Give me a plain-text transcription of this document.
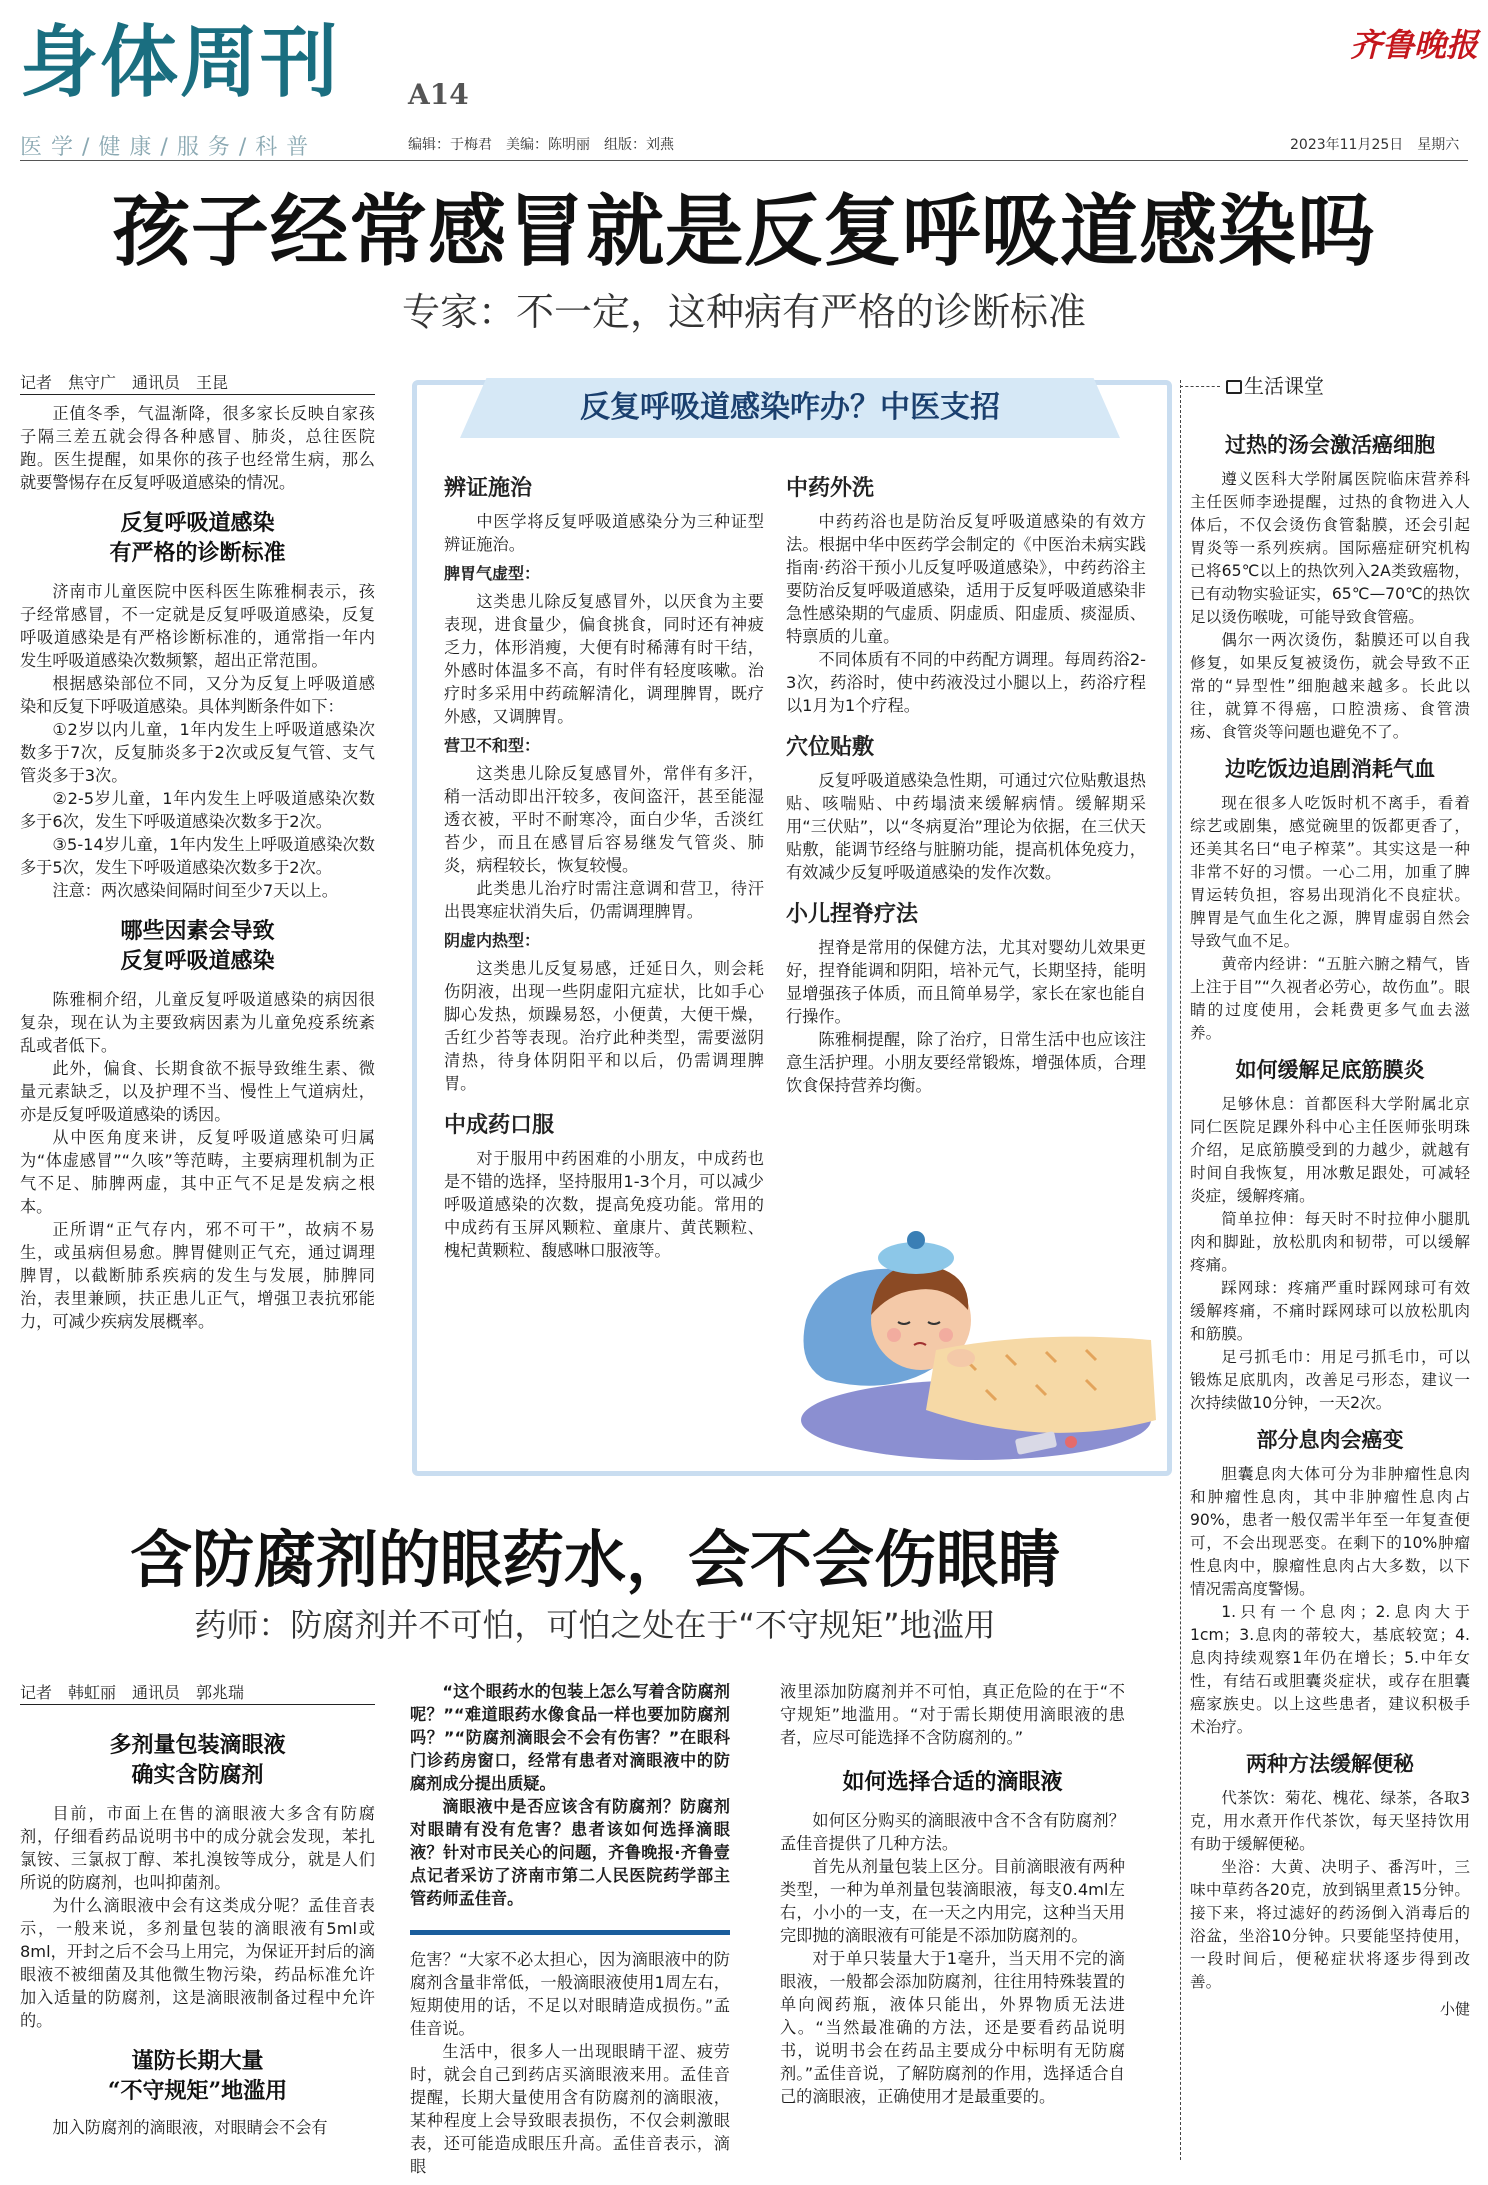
身体周刊 A14
医学/健康/服务/科普	编辑：于梅君　美编：陈明丽　组版：刘燕	2023年11月25日　星期六
齐鲁晚报
孩子经常感冒就是反复呼吸道感染吗
专家：不一定，这种病有严格的诊断标准
记者　焦守广　通讯员　王昆

正值冬季，气温渐降，很多家长反映自家孩子隔三差五就会得各种感冒、肺炎，总往医院跑。医生提醒，如果你的孩子也经常生病，那么就要警惕存在反复呼吸道感染的情况。

反复呼吸道感染
有严格的诊断标准

济南市儿童医院中医科医生陈雅桐表示，孩子经常感冒，不一定就是反复呼吸道感染，反复呼吸道感染是有严格诊断标准的，通常指一年内发生呼吸道感染次数频繁，超出正常范围。

根据感染部位不同，又分为反复上呼吸道感染和反复下呼吸道感染。具体判断条件如下：

①2岁以内儿童，1年内发生上呼吸道感染次数多于7次，反复肺炎多于2次或反复气管、支气管炎多于3次。

②2-5岁儿童，1年内发生上呼吸道感染次数多于6次，发生下呼吸道感染次数多于2次。

③5-14岁儿童，1年内发生上呼吸道感染次数多于5次，发生下呼吸道感染次数多于2次。

注意：两次感染间隔时间至少7天以上。

哪些因素会导致
反复呼吸道感染

陈雅桐介绍，儿童反复呼吸道感染的病因很复杂，现在认为主要致病因素为儿童免疫系统紊乱或者低下。

此外，偏食、长期食欲不振导致维生素、微量元素缺乏，以及护理不当、慢性上气道病灶，亦是反复呼吸道感染的诱因。

从中医角度来讲，反复呼吸道感染可归属为“体虚感冒”“久咳”等范畴，主要病理机制为正气不足、肺脾两虚，其中正气不足是发病之根本。

正所谓“正气存内，邪不可干”，故病不易生，或虽病但易愈。脾胃健则正气充，通过调理脾胃，以截断肺系疾病的发生与发展，肺脾同治，表里兼顾，扶正患儿正气，增强卫表抗邪能力，可减少疾病发展概率。

反复呼吸道感染咋办？中医支招
辨证施治

中医学将反复呼吸道感染分为三种证型辨证施治。

脾胃气虚型：

这类患儿除反复感冒外，以厌食为主要表现，进食量少，偏食挑食，同时还有神疲乏力，体形消瘦，大便有时稀薄有时干结，外感时体温多不高，有时伴有轻度咳嗽。治疗时多采用中药疏解清化，调理脾胃，既疗外感，又调脾胃。

营卫不和型：

这类患儿除反复感冒外，常伴有多汗，稍一活动即出汗较多，夜间盗汗，甚至能湿透衣被，平时不耐寒冷，面白少华，舌淡红苔少，而且在感冒后容易继发气管炎、肺炎，病程较长，恢复较慢。

此类患儿治疗时需注意调和营卫，待汗出畏寒症状消失后，仍需调理脾胃。

阴虚内热型：

这类患儿反复易感，迁延日久，则会耗伤阴液，出现一些阴虚阳亢症状，比如手心脚心发热，烦躁易怒，小便黄，大便干燥，舌红少苔等表现。治疗此种类型，需要滋阴清热，待身体阴阳平和以后，仍需调理脾胃。

中成药口服

对于服用中药困难的小朋友，中成药也是不错的选择，坚持服用1-3个月，可以减少呼吸道感染的次数，提高免疫功能。常用的中成药有玉屏风颗粒、童康片、黄芪颗粒、槐杞黄颗粒、馥感啉口服液等。

中药外洗

中药药浴也是防治反复呼吸道感染的有效方法。根据中华中医药学会制定的《中医治未病实践指南·药浴干预小儿反复呼吸道感染》，中药药浴主要防治反复呼吸道感染，适用于反复呼吸道感染非急性感染期的气虚质、阴虚质、阳虚质、痰湿质、特禀质的儿童。

不同体质有不同的中药配方调理。每周药浴2-3次，药浴时，使中药液没过小腿以上，药浴疗程以1月为1个疗程。

穴位贴敷

反复呼吸道感染急性期，可通过穴位贴敷退热贴、咳喘贴、中药塌渍来缓解病情。缓解期采用“三伏贴”，以“冬病夏治”理论为依据，在三伏天贴敷，能调节经络与脏腑功能，提高机体免疫力，有效减少反复呼吸道感染的发作次数。

小儿捏脊疗法

捏脊是常用的保健方法，尤其对婴幼儿效果更好，捏脊能调和阴阳，培补元气，长期坚持，能明显增强孩子体质，而且简单易学，家长在家也能自行操作。

陈雅桐提醒，除了治疗，日常生活中也应该注意生活护理。小朋友要经常锻炼，增强体质，合理饮食保持营养均衡。

生活课堂
过热的汤会激活癌细胞

遵义医科大学附属医院临床营养科主任医师李逊提醒，过热的食物进入人体后，不仅会烫伤食管黏膜，还会引起胃炎等一系列疾病。国际癌症研究机构已将65℃以上的热饮列入2A类致癌物，已有动物实验证实，65℃—70℃的热饮足以烫伤喉咙，可能导致食管癌。

偶尔一两次烫伤，黏膜还可以自我修复，如果反复被烫伤，就会导致不正常的“异型性”细胞越来越多。长此以往，就算不得癌，口腔溃疡、食管溃疡、食管炎等问题也避免不了。

边吃饭边追剧消耗气血

现在很多人吃饭时机不离手，看着综艺或剧集，感觉碗里的饭都更香了，还美其名曰“电子榨菜”。其实这是一种非常不好的习惯。一心二用，加重了脾胃运转负担，容易出现消化不良症状。脾胃是气血生化之源，脾胃虚弱自然会导致气血不足。

黄帝内经讲：“五脏六腑之精气，皆上注于目”“久视者必劳心，故伤血”。眼睛的过度使用，会耗费更多气血去滋养。

如何缓解足底筋膜炎

足够休息：首都医科大学附属北京同仁医院足踝外科中心主任医师张明珠介绍，足底筋膜受到的力越少，就越有时间自我恢复，用冰敷足跟处，可减轻炎症，缓解疼痛。

简单拉伸：每天时不时拉伸小腿肌肉和脚趾，放松肌肉和韧带，可以缓解疼痛。

踩网球：疼痛严重时踩网球可有效缓解疼痛，不痛时踩网球可以放松肌肉和筋膜。

足弓抓毛巾：用足弓抓毛巾，可以锻炼足底肌肉，改善足弓形态，建议一次持续做10分钟，一天2次。

部分息肉会癌变

胆囊息肉大体可分为非肿瘤性息肉和肿瘤性息肉，其中非肿瘤性息肉占90%，患者一般仅需半年至一年复查便可，不会出现恶变。在剩下的10%肿瘤性息肉中，腺瘤性息肉占大多数，以下情况需高度警惕。

1.只有一个息肉；2.息肉大于1cm；3.息肉的蒂较大，基底较宽；4.息肉持续观察1年仍在增长；5.中年女性，有结石或胆囊炎症状，或存在胆囊癌家族史。以上这些患者，建议积极手术治疗。

两种方法缓解便秘

代茶饮：菊花、槐花、绿茶，各取3克，用水煮开作代茶饮，每天坚持饮用有助于缓解便秘。

坐浴：大黄、决明子、番泻叶，三味中草药各20克，放到锅里煮15分钟。接下来，将过滤好的药汤倒入消毒后的浴盆，坐浴10分钟。只要能坚持使用，一段时间后，便秘症状将逐步得到改善。

小健
含防腐剂的眼药水，会不会伤眼睛
药师：防腐剂并不可怕，可怕之处在于“不守规矩”地滥用
记者　韩虹丽　通讯员　郭兆瑞
多剂量包装滴眼液
确实含防腐剂

目前，市面上在售的滴眼液大多含有防腐剂，仔细看药品说明书中的成分就会发现，苯扎氯铵、三氯叔丁醇、苯扎溴铵等成分，就是人们所说的防腐剂，也叫抑菌剂。

为什么滴眼液中会有这类成分呢？孟佳音表示，一般来说，多剂量包装的滴眼液有5ml或8ml，开封之后不会马上用完，为保证开封后的滴眼液不被细菌及其他微生物污染，药品标准允许加入适量的防腐剂，这是滴眼液制备过程中允许的。

谨防长期大量
“不守规矩”地滥用

加入防腐剂的滴眼液，对眼睛会不会有

“这个眼药水的包装上怎么写着含防腐剂呢？”“难道眼药水像食品一样也要加防腐剂吗？”“防腐剂滴眼会不会有伤害？”在眼科门诊药房窗口，经常有患者对滴眼液中的防腐剂成分提出质疑。

滴眼液中是否应该含有防腐剂？防腐剂对眼睛有没有危害？患者该如何选择滴眼液？针对市民关心的问题，齐鲁晚报·齐鲁壹点记者采访了济南市第二人民医院药学部主管药师孟佳音。

危害？“大家不必太担心，因为滴眼液中的防腐剂含量非常低，一般滴眼液使用1周左右，短期使用的话，不足以对眼睛造成损伤。”孟佳音说。

生活中，很多人一出现眼睛干涩、疲劳时，就会自己到药店买滴眼液来用。孟佳音提醒，长期大量使用含有防腐剂的滴眼液，某种程度上会导致眼表损伤，不仅会刺激眼表，还可能造成眼压升高。孟佳音表示，滴眼

液里添加防腐剂并不可怕，真正危险的在于“不守规矩”地滥用。“对于需长期使用滴眼液的患者，应尽可能选择不含防腐剂的。”

如何选择合适的滴眼液

如何区分购买的滴眼液中含不含有防腐剂？孟佳音提供了几种方法。

首先从剂量包装上区分。目前滴眼液有两种类型，一种为单剂量包装滴眼液，每支0.4ml左右，小小的一支，在一天之内用完，这种当天用完即抛的滴眼液有可能是不添加防腐剂的。

对于单只装量大于1毫升，当天用不完的滴眼液，一般都会添加防腐剂，往往用特殊装置的单向阀药瓶，液体只能出，外界物质无法进入。“当然最准确的方法，还是要看药品说明书，说明书会在药品主要成分中标明有无防腐剂。”孟佳音说，了解防腐剂的作用，选择适合自己的滴眼液，正确使用才是最重要的。
